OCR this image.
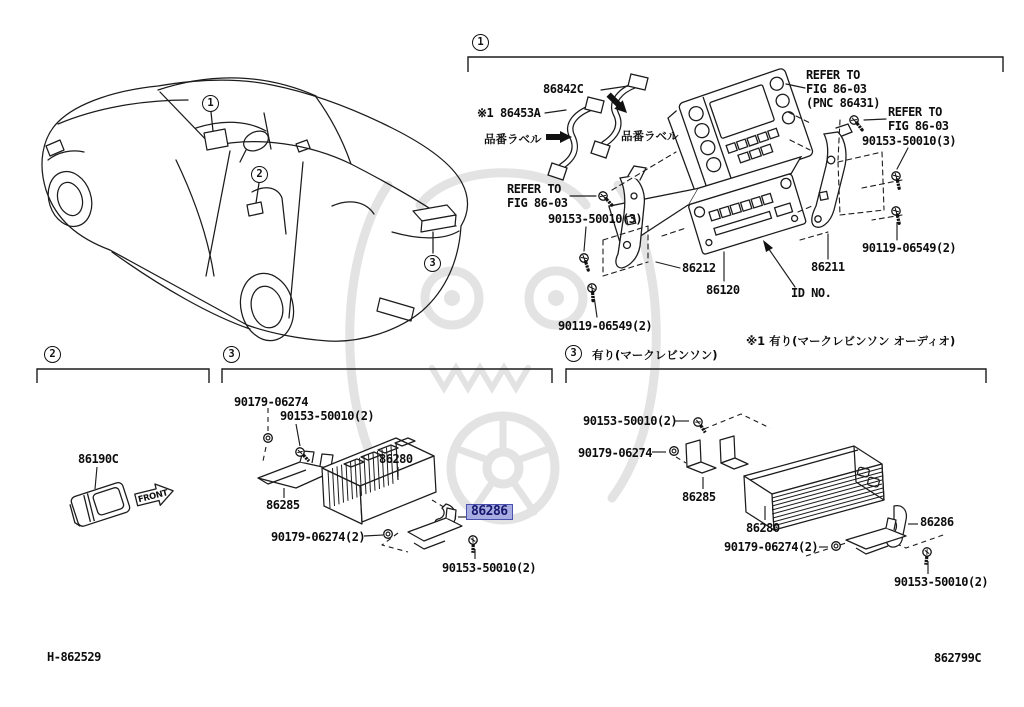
FRONT
1
1
2
3
2	3	3
86842C
※1 86453A
品番ラベル	品番ラベル
REFER TO
FIG 86-03
REFER TO
FIG 86-03
(PNC 86431)
REFER TO
FIG 86-03
90153-50010(3)
90153-50010(3)
90119-06549(2)
90119-06549(2)
86212
86120
86211
ID NO.
※1 有り(マークレビンソン オーディオ)
86190C
90179-06274
90153-50010(2)
86280
86285	86286
90179-06274(2)
90153-50010(2)
有り(マークレビンソン)
90153-50010(2)
90179-06274
86285
86280	86286
90179-06274(2)
90153-50010(2)
H-862529	862799C
